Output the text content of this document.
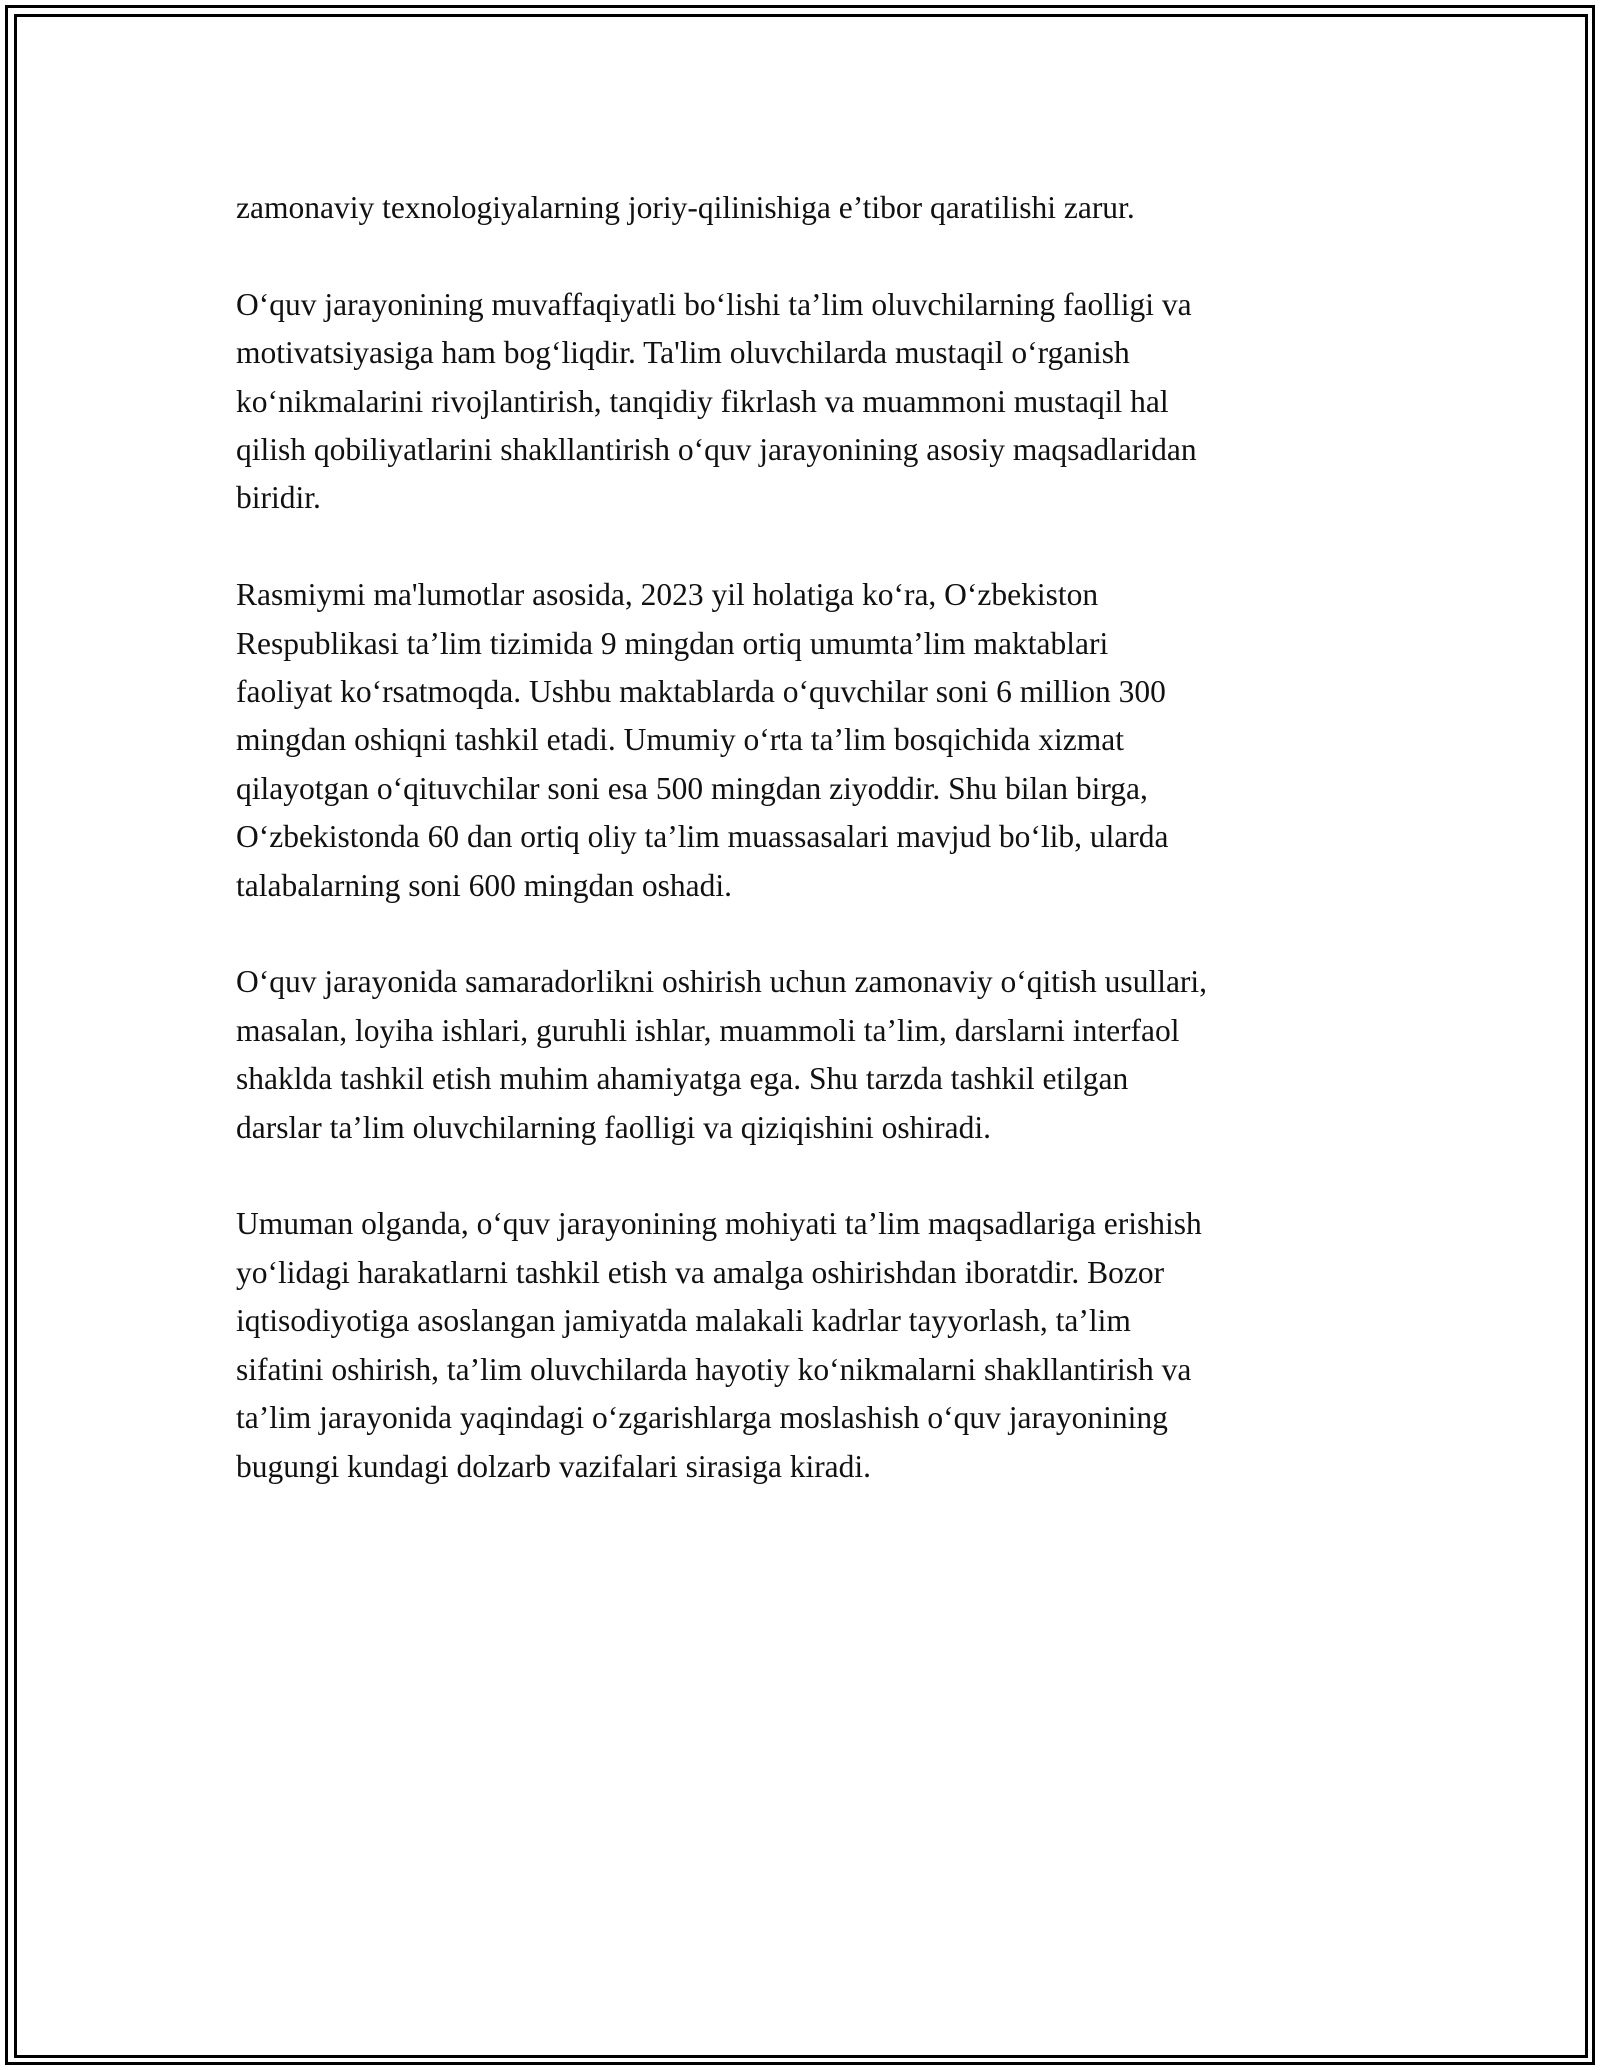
zamonaviy texnologiyalarning joriy-qilinishiga e’tibor qaratilishi zarur.

O‘quv jarayonining muvaffaqiyatli bo‘lishi ta’lim oluvchilarning faolligi va
motivatsiyasiga ham bog‘liqdir. Ta'lim oluvchilarda mustaqil o‘rganish
ko‘nikmalarini rivojlantirish, tanqidiy fikrlash va muammoni mustaqil hal
qilish qobiliyatlarini shakllantirish o‘quv jarayonining asosiy maqsadlaridan
biridir.

Rasmiymi ma'lumotlar asosida, 2023 yil holatiga ko‘ra, O‘zbekiston
Respublikasi ta’lim tizimida 9 mingdan ortiq umumta’lim maktablari
faoliyat ko‘rsatmoqda. Ushbu maktablarda o‘quvchilar soni 6 million 300
mingdan oshiqni tashkil etadi. Umumiy o‘rta ta’lim bosqichida xizmat
qilayotgan o‘qituvchilar soni esa 500 mingdan ziyoddir. Shu bilan birga,
O‘zbekistonda 60 dan ortiq oliy ta’lim muassasalari mavjud bo‘lib, ularda
talabalarning soni 600 mingdan oshadi.

O‘quv jarayonida samaradorlikni oshirish uchun zamonaviy o‘qitish usullari,
masalan, loyiha ishlari, guruhli ishlar, muammoli ta’lim, darslarni interfaol
shaklda tashkil etish muhim ahamiyatga ega. Shu tarzda tashkil etilgan
darslar ta’lim oluvchilarning faolligi va qiziqishini oshiradi.

Umuman olganda, o‘quv jarayonining mohiyati ta’lim maqsadlariga erishish
yo‘lidagi harakatlarni tashkil etish va amalga oshirishdan iboratdir. Bozor
iqtisodiyotiga asoslangan jamiyatda malakali kadrlar tayyorlash, ta’lim
sifatini oshirish, ta’lim oluvchilarda hayotiy ko‘nikmalarni shakllantirish va
ta’lim jarayonida yaqindagi o‘zgarishlarga moslashish o‘quv jarayonining
bugungi kundagi dolzarb vazifalari sirasiga kiradi.
